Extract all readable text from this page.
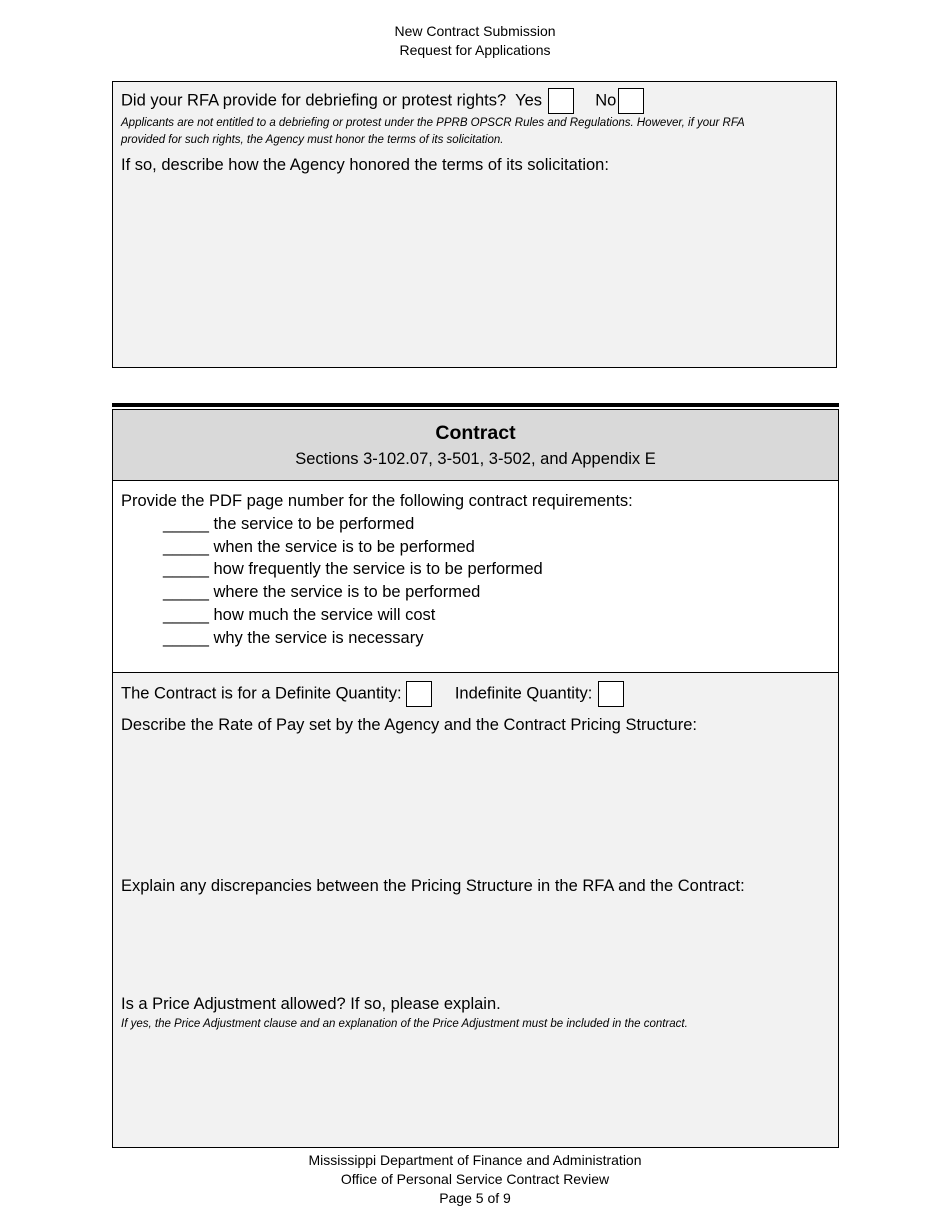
New Contract Submission
Request for Applications
Did your RFA provide for debriefing or protest rights? Yes	No
Applicants are not entitled to a debriefing or protest under the PPRB OPSCR Rules and Regulations. However, if your RFA
provided for such rights, the Agency must honor the terms of its solicitation.
If so, describe how the Agency honored the terms of its solicitation:
Contract
Sections 3-102.07, 3-501, 3-502, and Appendix E
Provide the PDF page number for the following contract requirements:
_____ the service to be performed
_____ when the service is to be performed
_____ how frequently the service is to be performed
_____ where the service is to be performed
_____ how much the service will cost
_____ why the service is necessary
The Contract is for a Definite Quantity:	Indefinite Quantity:
Describe the Rate of Pay set by the Agency and the Contract Pricing Structure:
Explain any discrepancies between the Pricing Structure in the RFA and the Contract:
Is a Price Adjustment allowed? If so, please explain.
If yes, the Price Adjustment clause and an explanation of the Price Adjustment must be included in the contract.
Mississippi Department of Finance and Administration
Office of Personal Service Contract Review
Page 5 of 9
